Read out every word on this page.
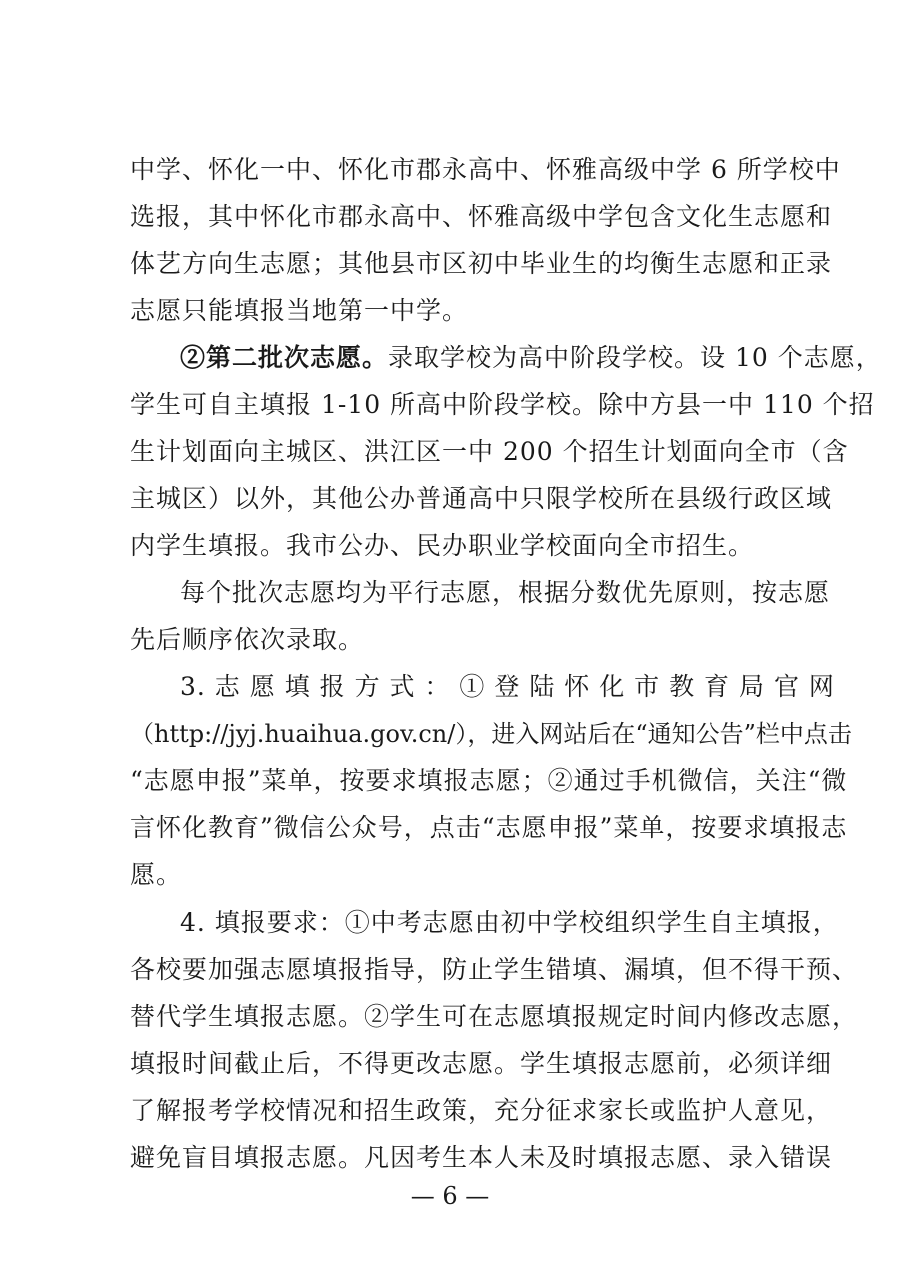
中学、怀化一中、怀化市郡永高中、怀雅高级中学 6 所学校中
选报，其中怀化市郡永高中、怀雅高级中学包含文化生志愿和
体艺方向生志愿；其他县市区初中毕业生的均衡生志愿和正录
志愿只能填报当地第一中学。
②第二批次志愿。录取学校为高中阶段学校。设 10 个志愿，
学生可自主填报 1-10 所高中阶段学校。除中方县一中 110 个招
生计划面向主城区、洪江区一中 200 个招生计划面向全市（含
主城区）以外，其他公办普通高中只限学校所在县级行政区域
内学生填报。我市公办、民办职业学校面向全市招生。
每个批次志愿均为平行志愿，根据分数优先原则，按志愿
先后顺序依次录取。
3. 志 愿 填 报 方 式 ： ① 登 陆 怀 化 市 教 育 局 官 网
（http://jyj.huaihua.gov.cn/），进入网站后在“通知公告”栏中点击
“志愿申报”菜单，按要求填报志愿；②通过手机微信，关注“微
言怀化教育”微信公众号，点击“志愿申报”菜单，按要求填报志
愿。
4. 填报要求：①中考志愿由初中学校组织学生自主填报，
各校要加强志愿填报指导，防止学生错填、漏填，但不得干预、
替代学生填报志愿。②学生可在志愿填报规定时间内修改志愿，
填报时间截止后，不得更改志愿。学生填报志愿前，必须详细
了解报考学校情况和招生政策，充分征求家长或监护人意见，
避免盲目填报志愿。凡因考生本人未及时填报志愿、录入错误
— 6 —
